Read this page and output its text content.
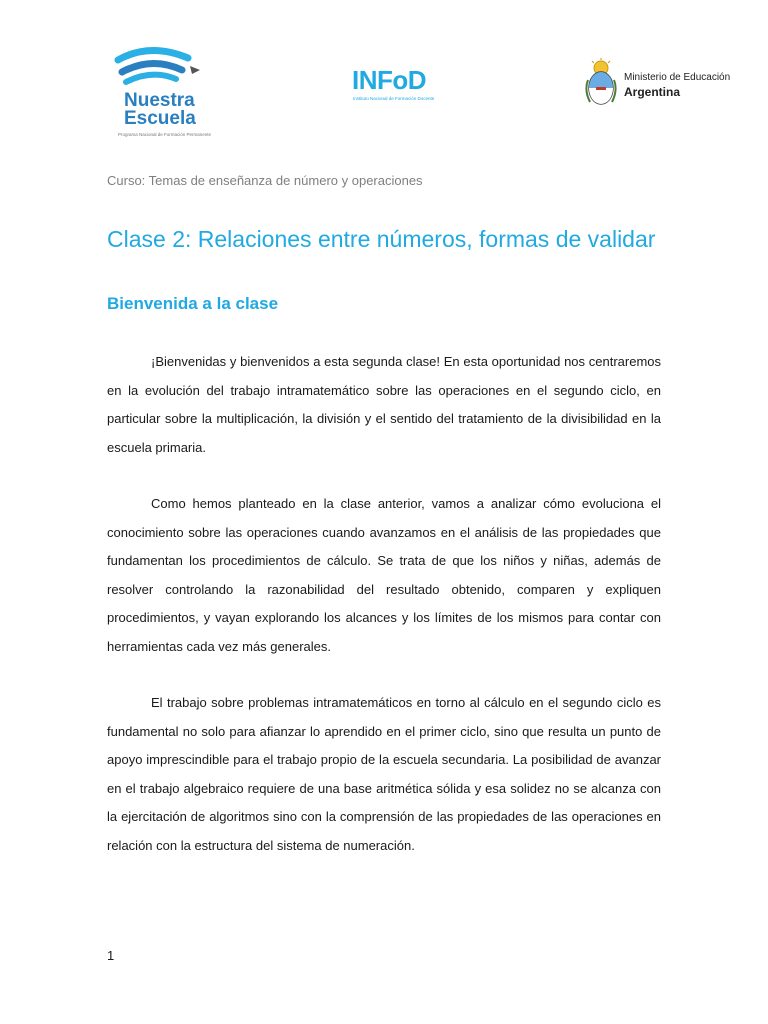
Nuestra
Escuela
Programa Nacional de Formación Permanente
INFoD
Instituto Nacional de Formación Docente
Ministerio de Educación
Argentina
Curso: Temas de enseñanza de número y operaciones
Clase 2: Relaciones entre números, formas de validar
Bienvenida a la clase

¡Bienvenidas y bienvenidos a esta segunda clase! En esta oportunidad nos centraremos en la evolución del trabajo intramatemático sobre las operaciones en el segundo ciclo, en particular sobre la multiplicación, la división y el sentido del tratamiento de la divisibilidad en la escuela primaria.

Como hemos planteado en la clase anterior, vamos a analizar cómo evoluciona el conocimiento sobre las operaciones cuando avanzamos en el análisis de las propiedades que fundamentan los procedimientos de cálculo. Se trata de que los niños y niñas, además de resolver controlando la razonabilidad del resultado obtenido, comparen y expliquen procedimientos, y vayan explorando los alcances y los límites de los mismos para contar con herramientas cada vez más generales.

El trabajo sobre problemas intramatemáticos en torno al cálculo en el segundo ciclo es fundamental no solo para afianzar lo aprendido en el primer ciclo, sino que resulta un punto de apoyo imprescindible para el trabajo propio de la escuela secundaria. La posibilidad de avanzar en el trabajo algebraico requiere de una base aritmética sólida y esa solidez no se alcanza con la ejercitación de algoritmos sino con la comprensión de las propiedades de las operaciones en relación con la estructura del sistema de numeración.

1
